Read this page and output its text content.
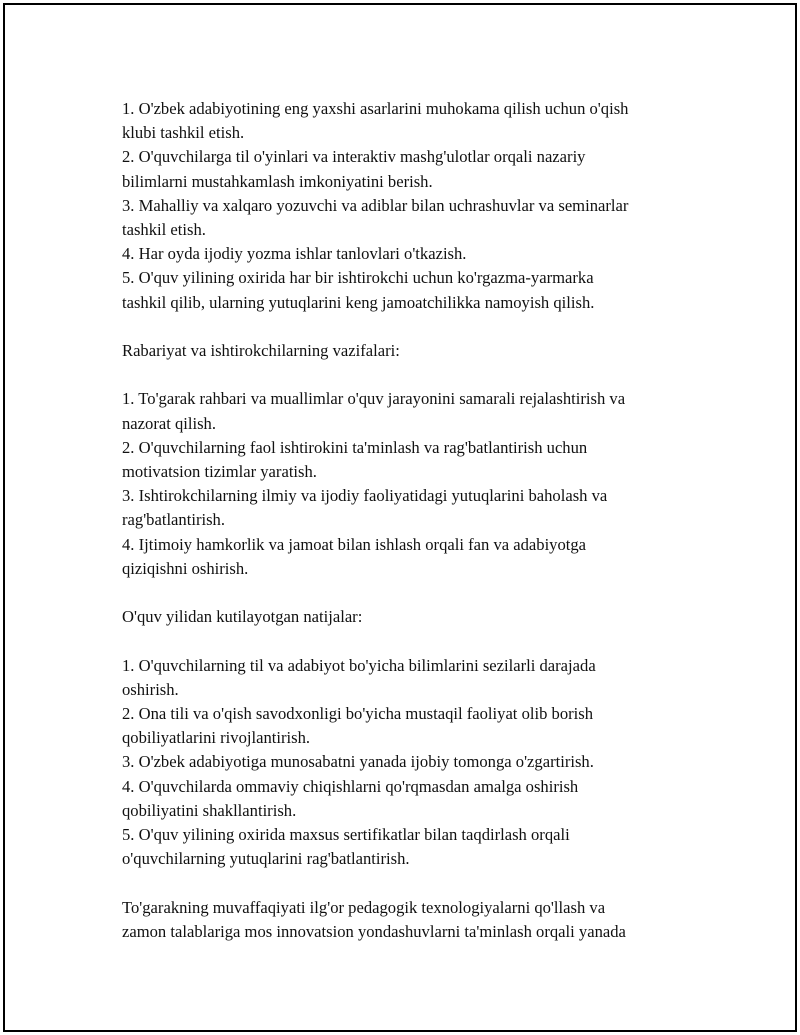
1. O'zbek adabiyotining eng yaxshi asarlarini muhokama qilish uchun o'qish
klubi tashkil etish.
2. O'quvchilarga til o'yinlari va interaktiv mashg'ulotlar orqali nazariy
bilimlarni mustahkamlash imkoniyatini berish.
3. Mahalliy va xalqaro yozuvchi va adiblar bilan uchrashuvlar va seminarlar
tashkil etish.
4. Har oyda ijodiy yozma ishlar tanlovlari o'tkazish.
5. O'quv yilining oxirida har bir ishtirokchi uchun ko'rgazma-yarmarka
tashkil qilib, ularning yutuqlarini keng jamoatchilikka namoyish qilish.

Rabariyat va ishtirokchilarning vazifalari:

1. To'garak rahbari va muallimlar o'quv jarayonini samarali rejalashtirish va
nazorat qilish.
2. O'quvchilarning faol ishtirokini ta'minlash va rag'batlantirish uchun
motivatsion tizimlar yaratish.
3. Ishtirokchilarning ilmiy va ijodiy faoliyatidagi yutuqlarini baholash va
rag'batlantirish.
4. Ijtimoiy hamkorlik va jamoat bilan ishlash orqali fan va adabiyotga
qiziqishni oshirish.

O'quv yilidan kutilayotgan natijalar:

1. O'quvchilarning til va adabiyot bo'yicha bilimlarini sezilarli darajada
oshirish.
2. Ona tili va o'qish savodxonligi bo'yicha mustaqil faoliyat olib borish
qobiliyatlarini rivojlantirish.
3. O'zbek adabiyotiga munosabatni yanada ijobiy tomonga o'zgartirish.
4. O'quvchilarda ommaviy chiqishlarni qo'rqmasdan amalga oshirish
qobiliyatini shakllantirish.
5. O'quv yilining oxirida maxsus sertifikatlar bilan taqdirlash orqali
o'quvchilarning yutuqlarini rag'batlantirish.

To'garakning muvaffaqiyati ilg'or pedagogik texnologiyalarni qo'llash va
zamon talablariga mos innovatsion yondashuvlarni ta'minlash orqali yanada
